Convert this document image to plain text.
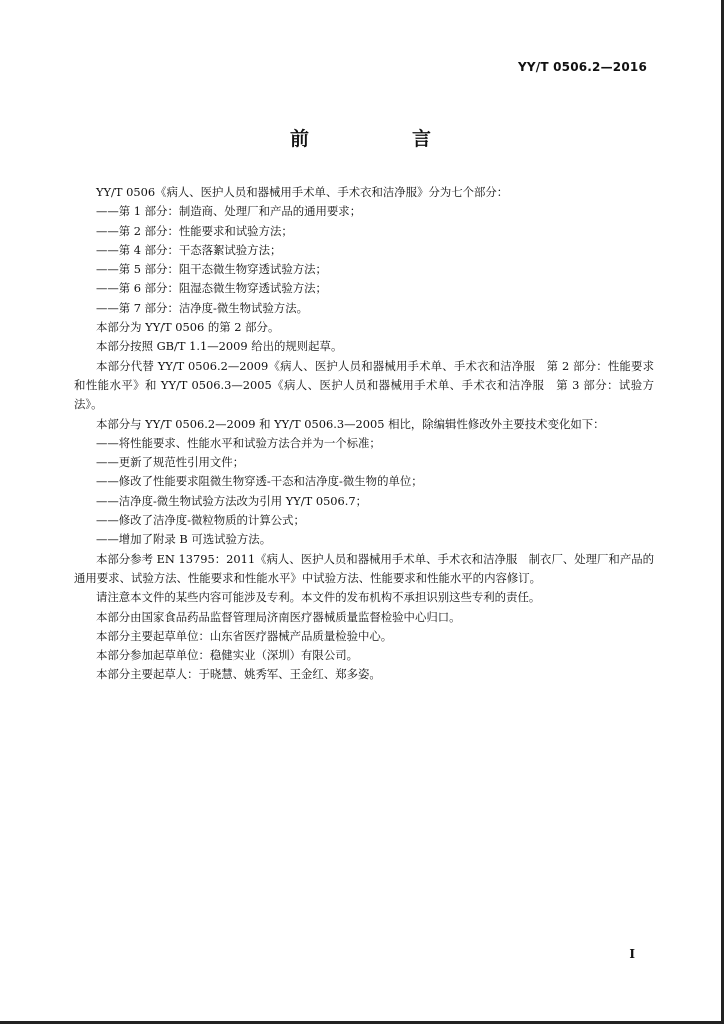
YY/T 0506.2—2016
前　言

YY/T 0506《病人、医护人员和器械用手术单、手术衣和洁净服》分为七个部分：

——第 1 部分：制造商、处理厂和产品的通用要求；

——第 2 部分：性能要求和试验方法；

——第 4 部分：干态落絮试验方法；

——第 5 部分：阻干态微生物穿透试验方法；

——第 6 部分：阻湿态微生物穿透试验方法；

——第 7 部分：洁净度-微生物试验方法。

本部分为 YY/T 0506 的第 2 部分。

本部分按照 GB/T 1.1—2009 给出的规则起草。

本部分代替 YY/T 0506.2—2009《病人、医护人员和器械用手术单、手术衣和洁净服　第 2 部分：性能要求和性能水平》和 YY/T 0506.3—2005《病人、医护人员和器械用手术单、手术衣和洁净服　第 3 部分：试验方法》。

本部分与 YY/T 0506.2—2009 和 YY/T 0506.3—2005 相比，除编辑性修改外主要技术变化如下：

——将性能要求、性能水平和试验方法合并为一个标准；

——更新了规范性引用文件；

——修改了性能要求阻微生物穿透-干态和洁净度-微生物的单位；

——洁净度-微生物试验方法改为引用 YY/T 0506.7；

——修改了洁净度-微粒物质的计算公式；

——增加了附录 B 可选试验方法。

本部分参考 EN 13795：2011《病人、医护人员和器械用手术单、手术衣和洁净服　制衣厂、处理厂和产品的通用要求、试验方法、性能要求和性能水平》中试验方法、性能要求和性能水平的内容修订。

请注意本文件的某些内容可能涉及专利。本文件的发布机构不承担识别这些专利的责任。

本部分由国家食品药品监督管理局济南医疗器械质量监督检验中心归口。

本部分主要起草单位：山东省医疗器械产品质量检验中心。

本部分参加起草单位：稳健实业（深圳）有限公司。

本部分主要起草人：于晓慧、姚秀军、王金红、郑多姿。

I
